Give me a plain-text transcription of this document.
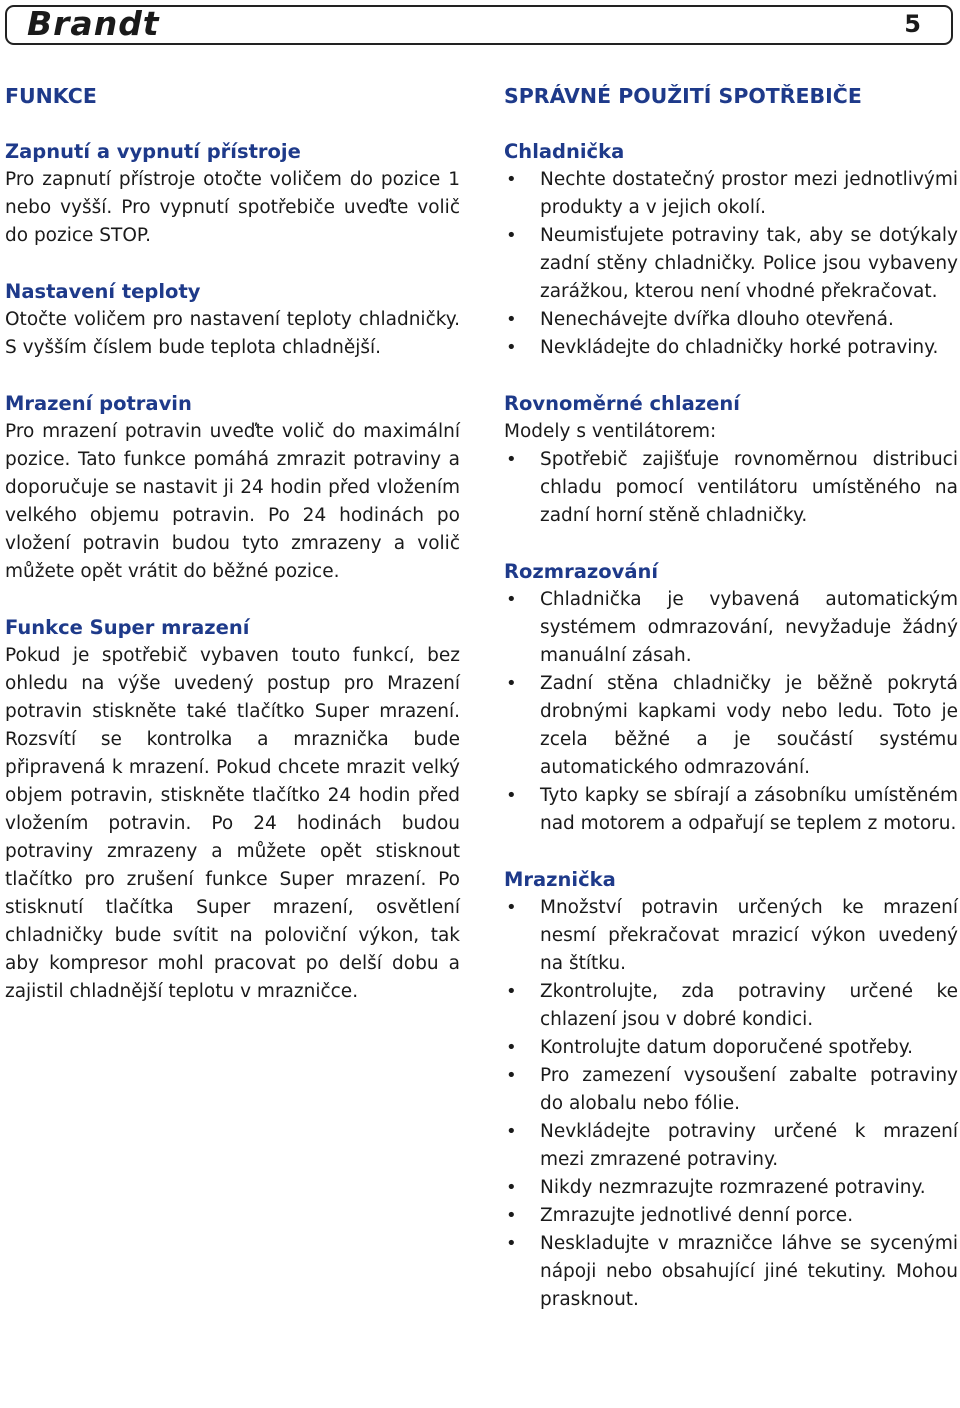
Brandt	5
FUNKCE
Zapnutí a vypnutí přístroje

Pro zapnutí přístroje otočte voličem do pozice 1 nebo vyšší. Pro vypnutí spotřebiče uveďte volič do pozice STOP.

Nastavení teploty

Otočte voličem pro nastavení teploty chladničky. S vyšším číslem bude teplota chladnější.

Mrazení potravin

Pro mrazení potravin uveďte volič do maximální pozice. Tato funkce pomáhá zmrazit potraviny a doporučuje se nastavit ji 24 hodin před vložením velkého objemu potravin. Po 24 hodinách po vložení potravin budou tyto zmrazeny a volič můžete opět vrátit do běžné pozice.

Funkce Super mrazení

Pokud je spotřebič vybaven touto funkcí, bez ohledu na výše uvedený postup pro Mrazení potravin stiskněte také tlačítko Super mrazení. Rozsvítí se kontrolka a mraznička bude připravená k mrazení. Pokud chcete mrazit velký objem potravin, stiskněte tlačítko 24 hodin před vložením potravin. Po 24 hodinách budou potraviny zmrazeny a můžete opět stisknout tlačítko pro zrušení funkce Super mrazení. Po stisknutí tlačítka Super mrazení, osvětlení chladničky bude svítit na poloviční výkon, tak aby kompresor mohl pracovat po delší dobu a zajistil chladnější teplotu v mrazničce.

SPRÁVNÉ POUŽITÍ SPOTŘEBIČE
Chladnička
• Nechte dostatečný prostor mezi jednotlivými produkty a v jejich okolí.
• Neumisťujete potraviny tak, aby se dotýkaly zadní stěny chladničky. Police jsou vybaveny zarážkou, kterou není vhodné překračovat.
• Nenechávejte dvířka dlouho otevřená.
• Nevkládejte do chladničky horké potraviny.
Rovnoměrné chlazení

Modely s ventilátorem:

• Spotřebič zajišťuje rovnoměrnou distribuci chladu pomocí ventilátoru umístěného na zadní horní stěně chladničky.
Rozmrazování
• Chladnička je vybavená automatickým systémem odmrazování, nevyžaduje žádný manuální zásah.
• Zadní stěna chladničky je běžně pokrytá drobnými kapkami vody nebo ledu. Toto je zcela běžné a je součástí systému automatického odmrazování.
• Tyto kapky se sbírají a zásobníku umístěném nad motorem a odpařují se teplem z motoru.
Mraznička
• Množství potravin určených ke mrazení nesmí překračovat mrazicí výkon uvedený na štítku.
• Zkontrolujte, zda potraviny určené ke chlazení jsou v dobré kondici.
• Kontrolujte datum doporučené spotřeby.
• Pro zamezení vysoušení zabalte potraviny do alobalu nebo fólie.
• Nevkládejte potraviny určené k mrazení mezi zmrazené potraviny.
• Nikdy nezmrazujte rozmrazené potraviny.
• Zmrazujte jednotlivé denní porce.
• Neskladujte v mrazničce láhve se sycenými nápoji nebo obsahující jiné tekutiny. Mohou prasknout.
